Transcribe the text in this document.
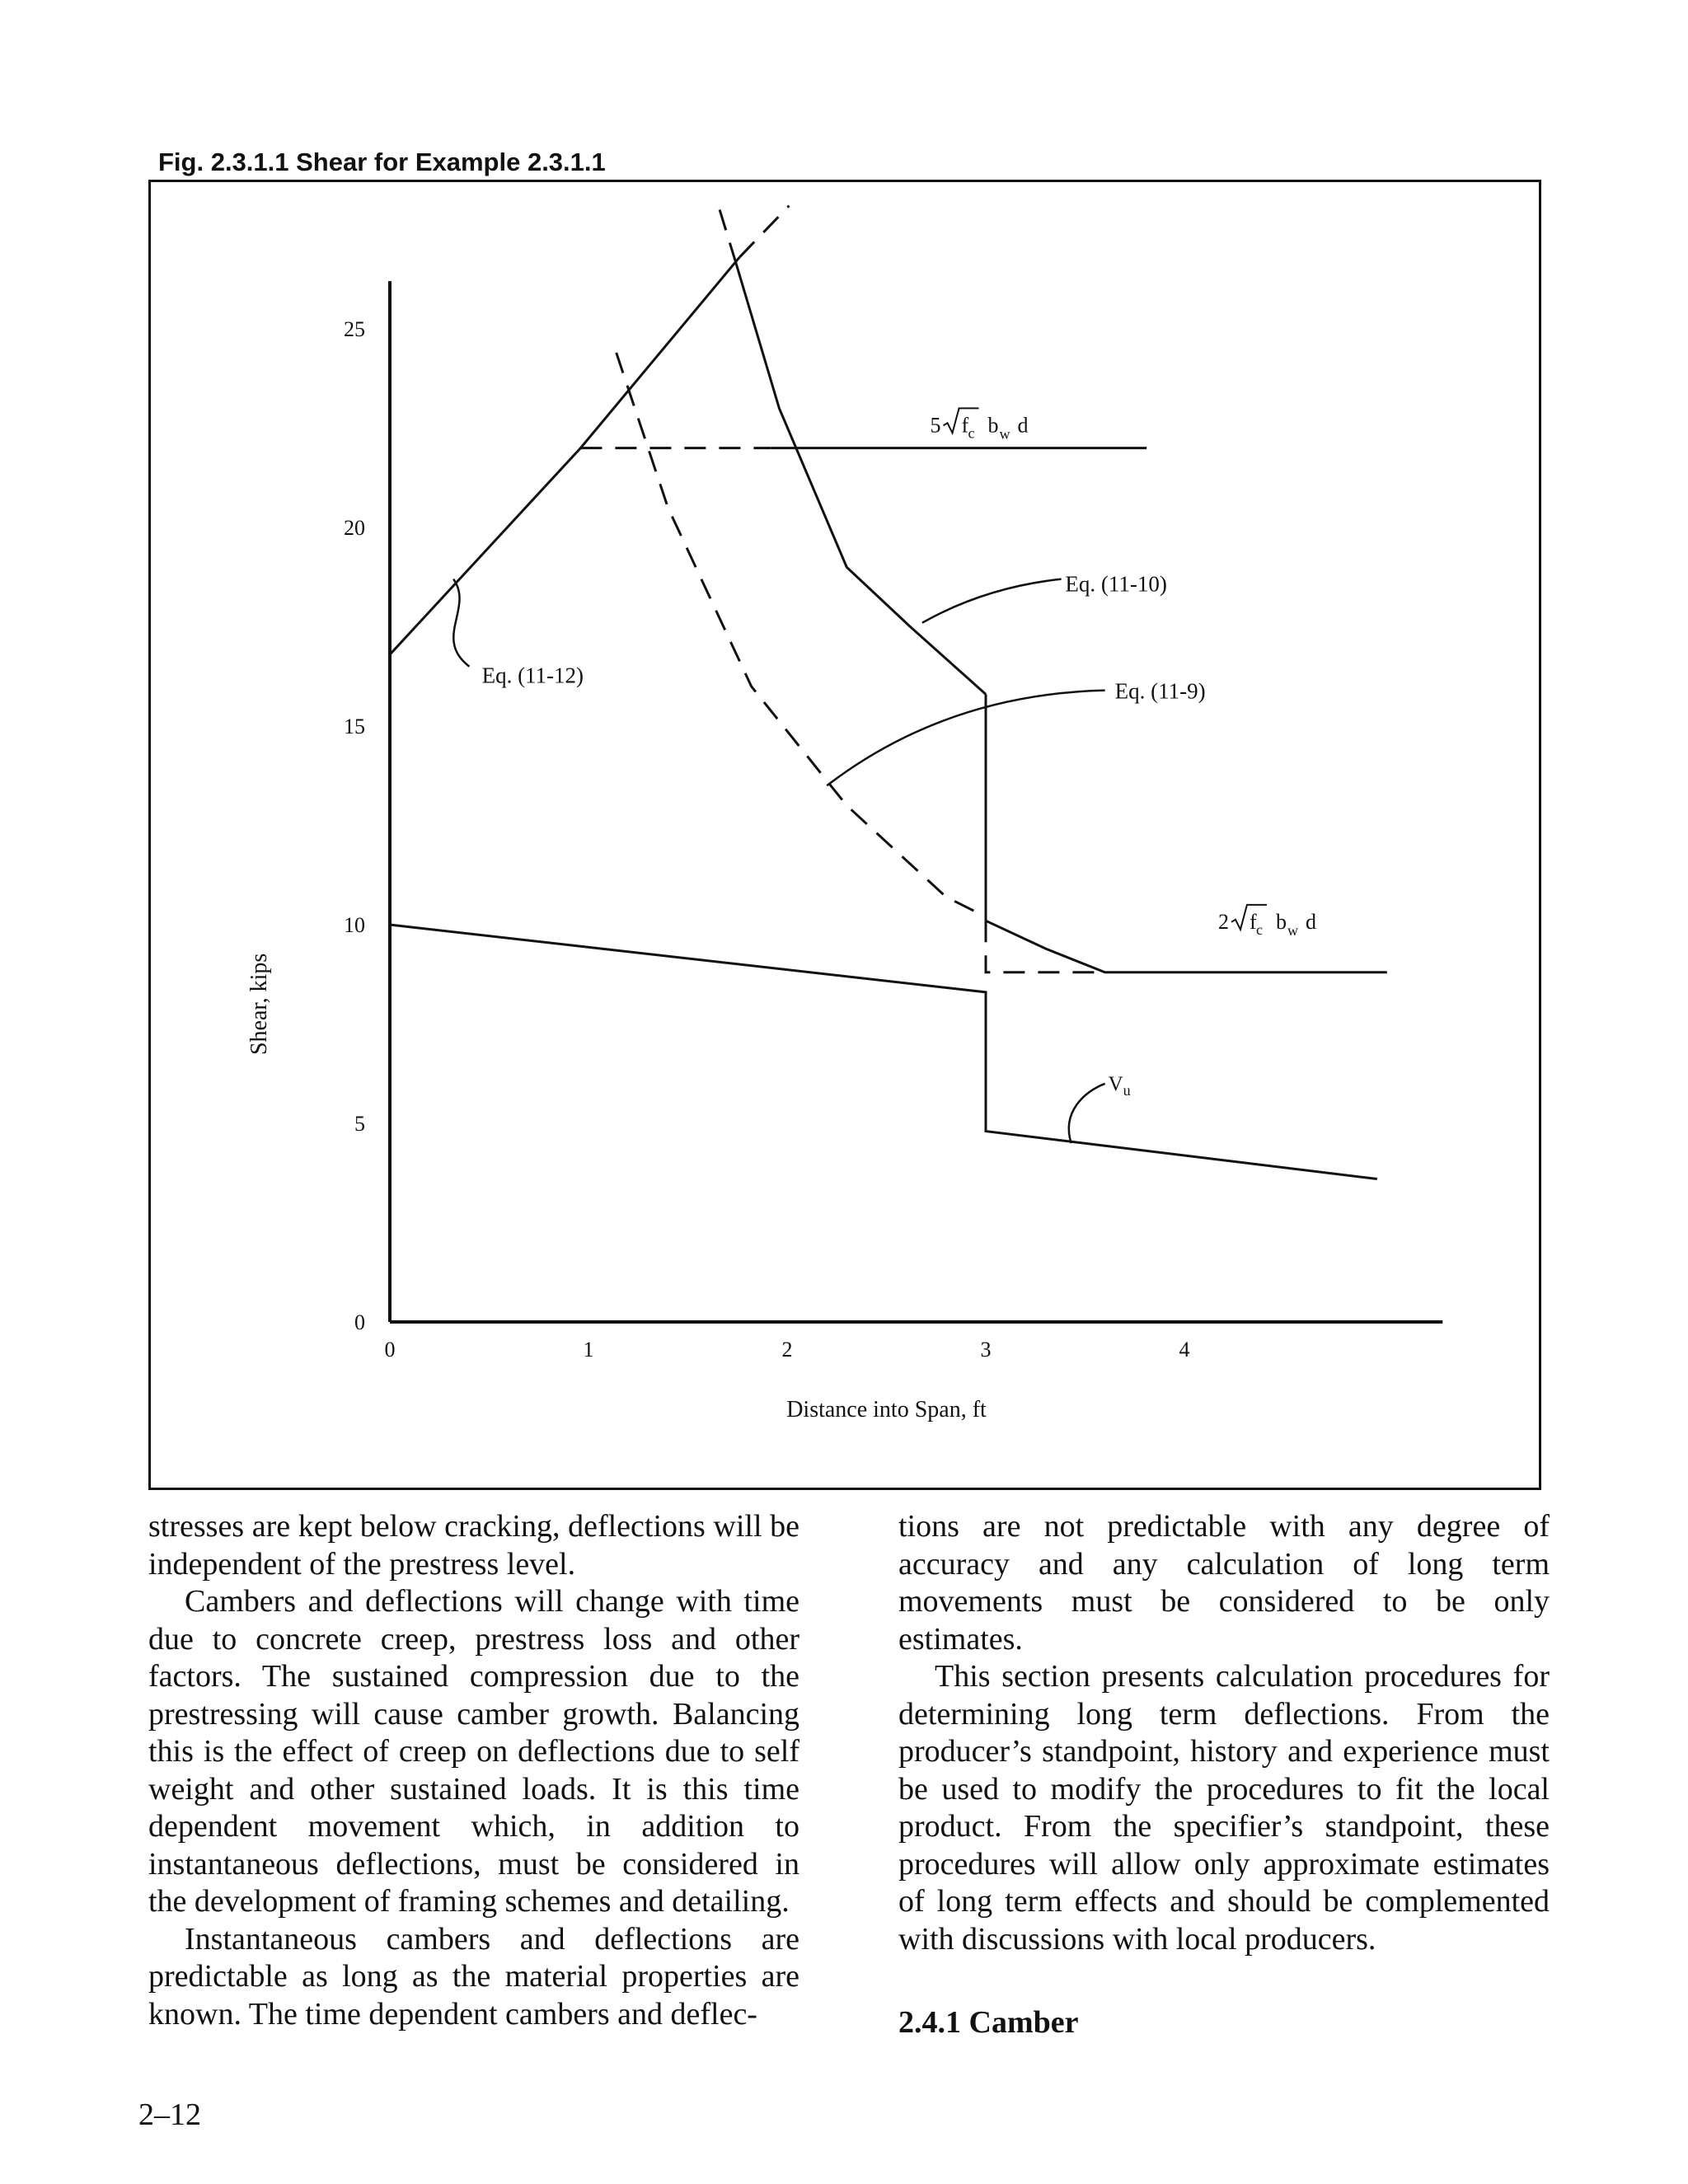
Fig. 2.3.1.1 Shear for Example 2.3.1.1
0	1	2	3	4
0
5
10
15
20
25
Distance into Span, ft
Shear, kips
Eq. (11-12)
Eq. (11-10)
Eq. (11-9)
$V_u$
5 f c b w d
2 f c b w d

stresses are kept below cracking, deflections will be independent of the prestress level.

Cambers and deflections will change with time due to concrete creep, prestress loss and other factors. The sustained compression due to the prestressing will cause camber growth. Balancing this is the effect of creep on deflections due to self weight and other sustained loads. It is this time dependent movement which, in addition to instantaneous deflections, must be considered in the development of framing schemes and detailing.

Instantaneous cambers and deflections are predictable as long as the material properties are known. The time dependent cambers and deflec-

tions are not predictable with any degree of accuracy and any calculation of long term movements must be considered to be only estimates.

This section presents calculation procedures for determining long term deflections. From the producer’s standpoint, history and experience must be used to modify the procedures to fit the local product. From the specifier’s standpoint, these procedures will allow only approximate estimates of long term effects and should be complemented with discussions with local producers.

2.4.1 Camber
2–12
